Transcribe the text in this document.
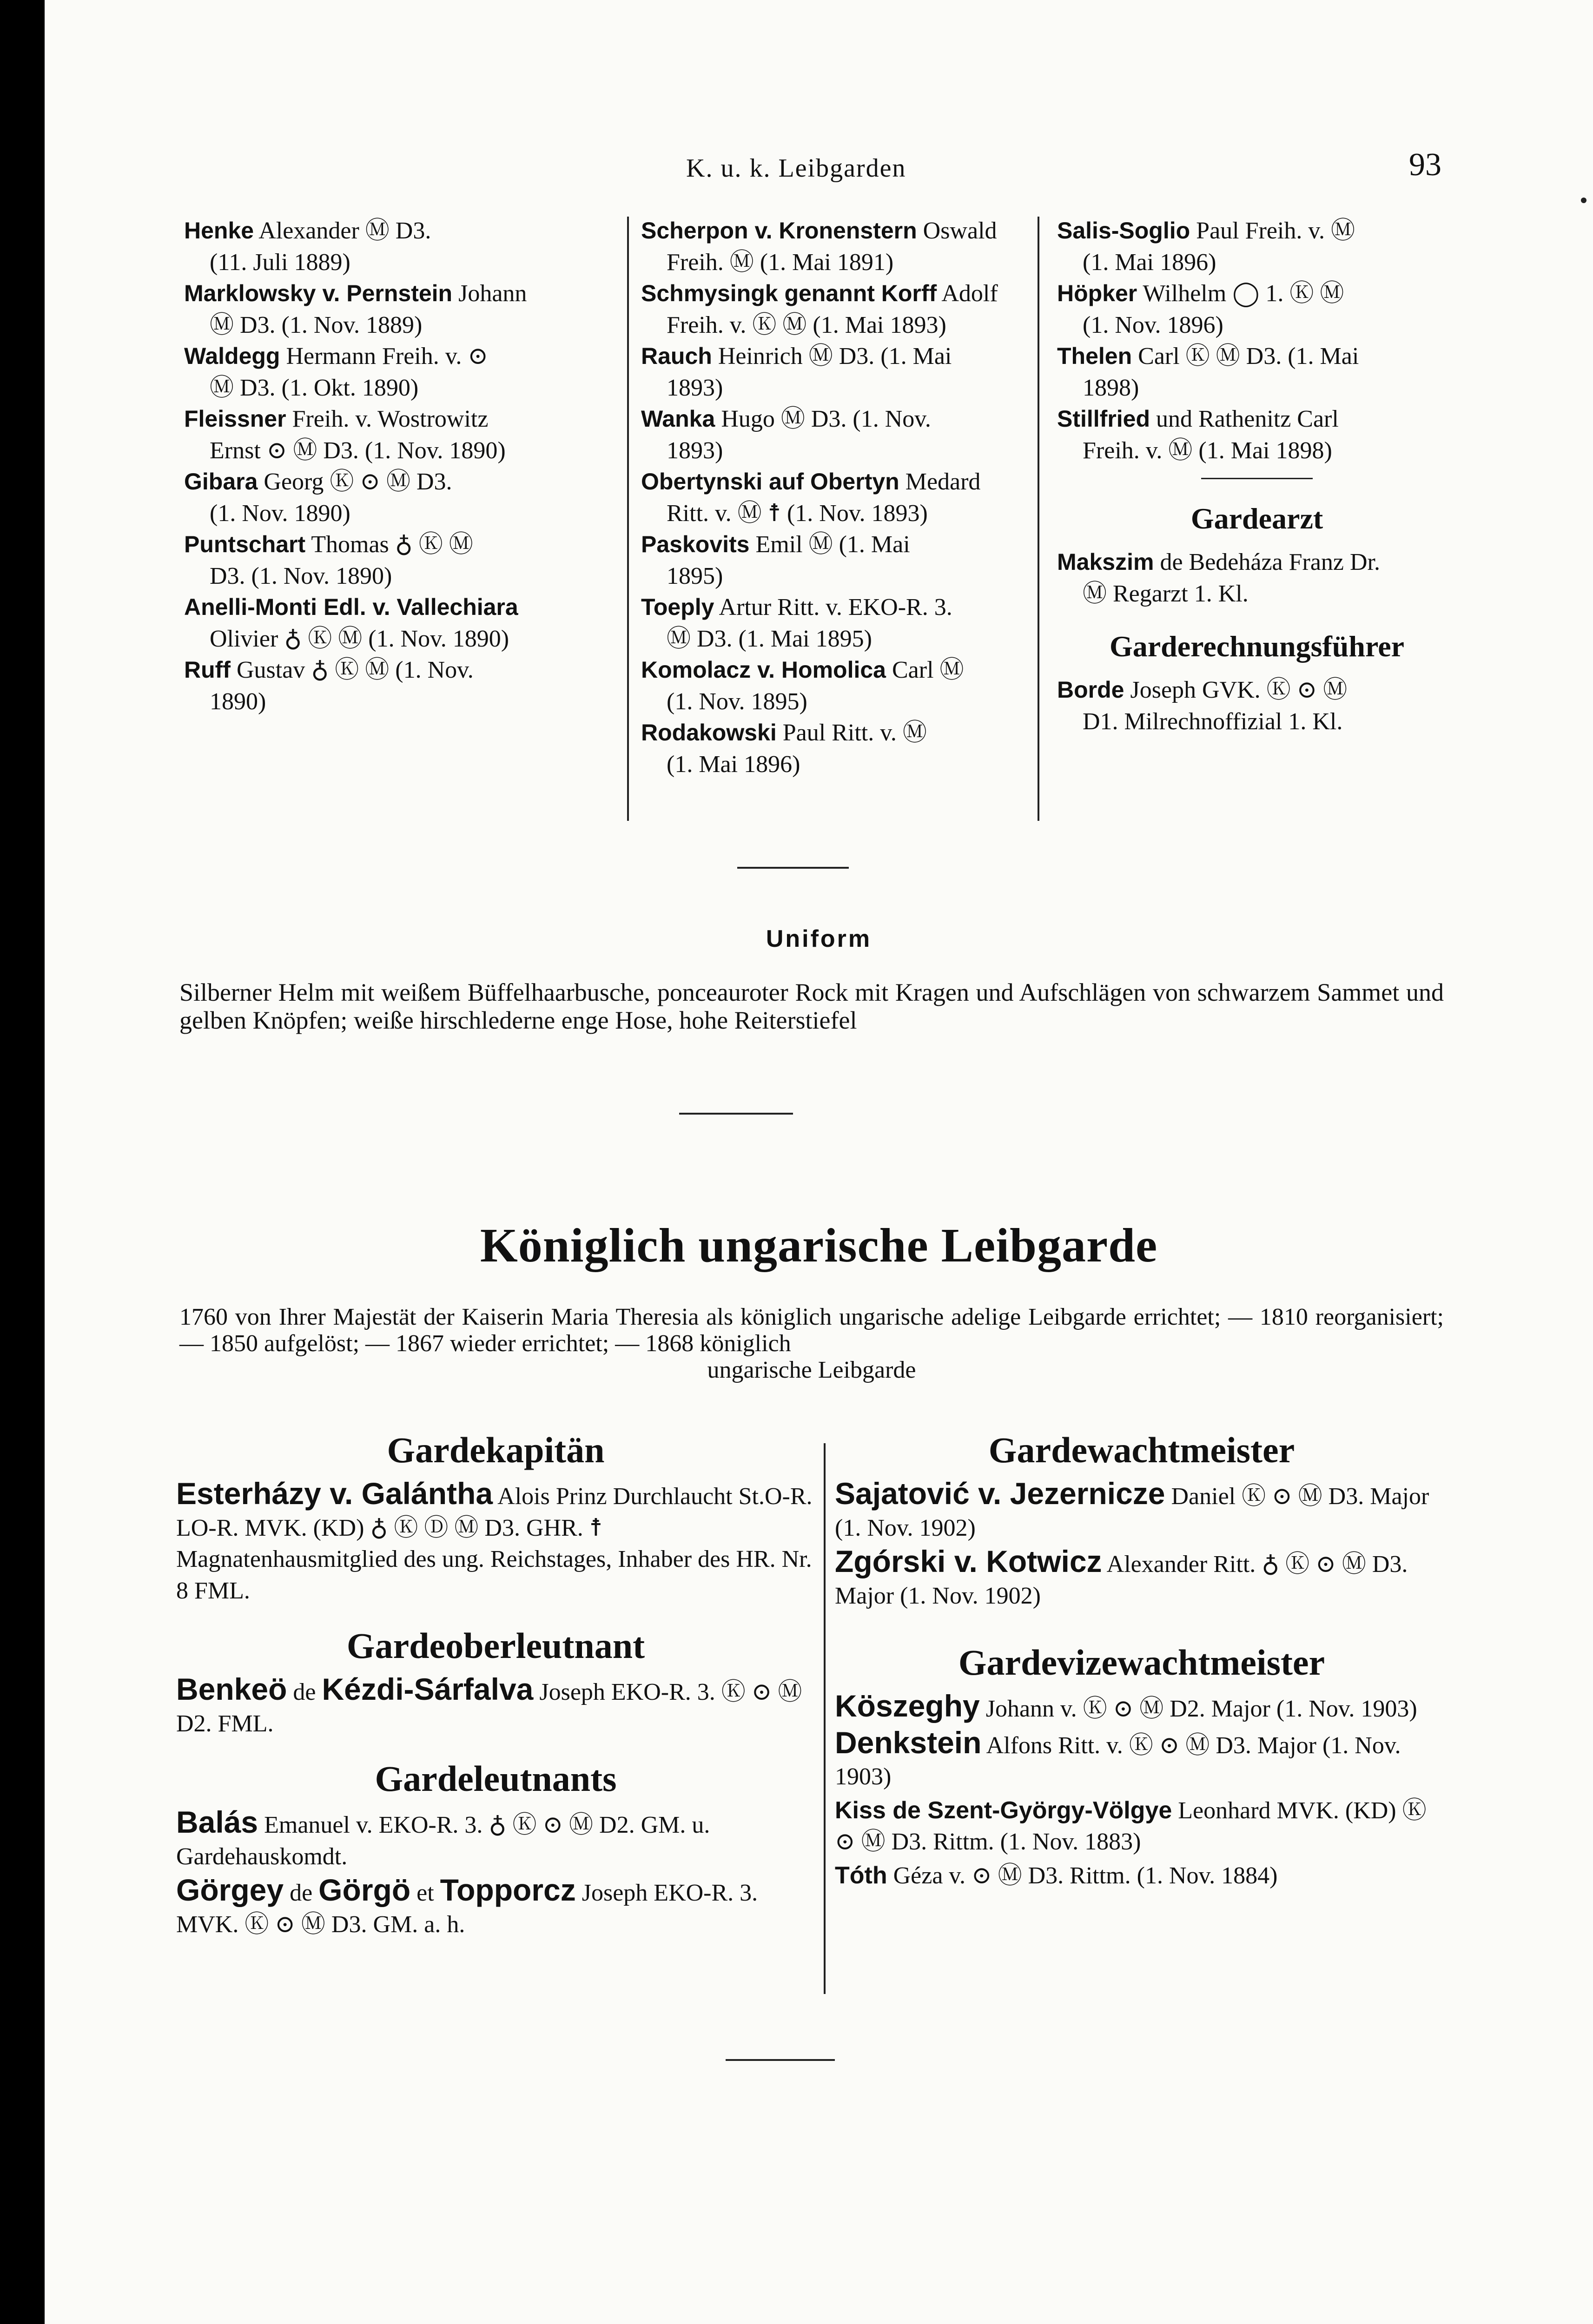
K. u. k. Leibgarden	93
Henke Alexander Ⓜ D3.
(11. Juli 1889)
Marklowsky v. Pernstein Johann
Ⓜ D3. (1. Nov. 1889)
Waldegg Hermann Freih. v. ⊙
Ⓜ D3. (1. Okt. 1890)
Fleissner Freih. v. Wostrowitz
Ernst ⊙ Ⓜ D3. (1. Nov. 1890)
Gibara Georg Ⓚ ⊙ Ⓜ D3.
(1. Nov. 1890)
Puntschart Thomas ♁ Ⓚ Ⓜ
D3. (1. Nov. 1890)
Anelli-Monti Edl. v. Vallechiara
Olivier ♁ Ⓚ Ⓜ (1. Nov. 1890)
Ruff Gustav ♁ Ⓚ Ⓜ (1. Nov.
1890)
Scherpon v. Kronenstern Oswald
Freih. Ⓜ (1. Mai 1891)
Schmysingk genannt Korff Adolf
Freih. v. Ⓚ Ⓜ (1. Mai 1893)
Rauch Heinrich Ⓜ D3. (1. Mai
1893)
Wanka Hugo Ⓜ D3. (1. Nov.
1893)
Obertynski auf Obertyn Medard
Ritt. v. Ⓜ ☨ (1. Nov. 1893)
Paskovits Emil Ⓜ (1. Mai
1895)
Toeply Artur Ritt. v. EKO-R. 3.
Ⓜ D3. (1. Mai 1895)
Komolacz v. Homolica Carl Ⓜ
(1. Nov. 1895)
Rodakowski Paul Ritt. v. Ⓜ
(1. Mai 1896)
Salis-Soglio Paul Freih. v. Ⓜ
(1. Mai 1896)
Höpker Wilhelm ◯ 1. Ⓚ Ⓜ
(1. Nov. 1896)
Thelen Carl Ⓚ Ⓜ D3. (1. Mai
1898)
Stillfried und Rathenitz Carl
Freih. v. Ⓜ (1. Mai 1898)
Gardearzt
Makszim de Bedeháza Franz Dr.
Ⓜ Regarzt 1. Kl.
Garderechnungsführer
Borde Joseph GVK. Ⓚ ⊙ Ⓜ
D1. Milrechnoffizial 1. Kl.
Uniform
Silberner Helm mit weißem Büffelhaarbusche, ponceauroter Rock mit Kragen und Aufschlägen von schwarzem Sammet und gelben Knöpfen; weiße hirschlederne enge Hose, hohe Reiterstiefel
Königlich ungarische Leibgarde
1760 von Ihrer Majestät der Kaiserin Maria Theresia als königlich ungarische adelige Leibgarde errichtet; — 1810 reorganisiert; — 1850 aufgelöst; — 1867 wieder errichtet; — 1868 königlich
ungarische Leibgarde
Gardekapitän
Esterházy v. Galántha Alois Prinz Durchlaucht St.O-R. LO-R. MVK. (KD) ♁ Ⓚ Ⓓ Ⓜ D3. GHR. ☨ Magnatenhausmitglied des ung. Reichstages, Inhaber des HR. Nr. 8 FML.
Gardeoberleutnant
Benkeö de Kézdi-Sárfalva Joseph EKO-R. 3. Ⓚ ⊙ Ⓜ D2. FML.
Gardeleutnants
Balás Emanuel v. EKO-R. 3. ♁ Ⓚ ⊙ Ⓜ D2. GM. u. Gardehauskomdt.
Görgey de Görgö et Topporcz Joseph EKO-R. 3. MVK. Ⓚ ⊙ Ⓜ D3. GM. a. h.
Gardewachtmeister
Sajatović v. Jezernicze Daniel Ⓚ ⊙ Ⓜ D3. Major (1. Nov. 1902)
Zgórski v. Kotwicz Alexander Ritt. ♁ Ⓚ ⊙ Ⓜ D3. Major (1. Nov. 1902)
Gardevizewachtmeister
Köszeghy Johann v. Ⓚ ⊙ Ⓜ D2. Major (1. Nov. 1903)
Denkstein Alfons Ritt. v. Ⓚ ⊙ Ⓜ D3. Major (1. Nov. 1903)
Kiss de Szent-György-Völgye Leonhard MVK. (KD) Ⓚ ⊙ Ⓜ D3. Rittm. (1. Nov. 1883)
Tóth Géza v. ⊙ Ⓜ D3. Rittm. (1. Nov. 1884)
